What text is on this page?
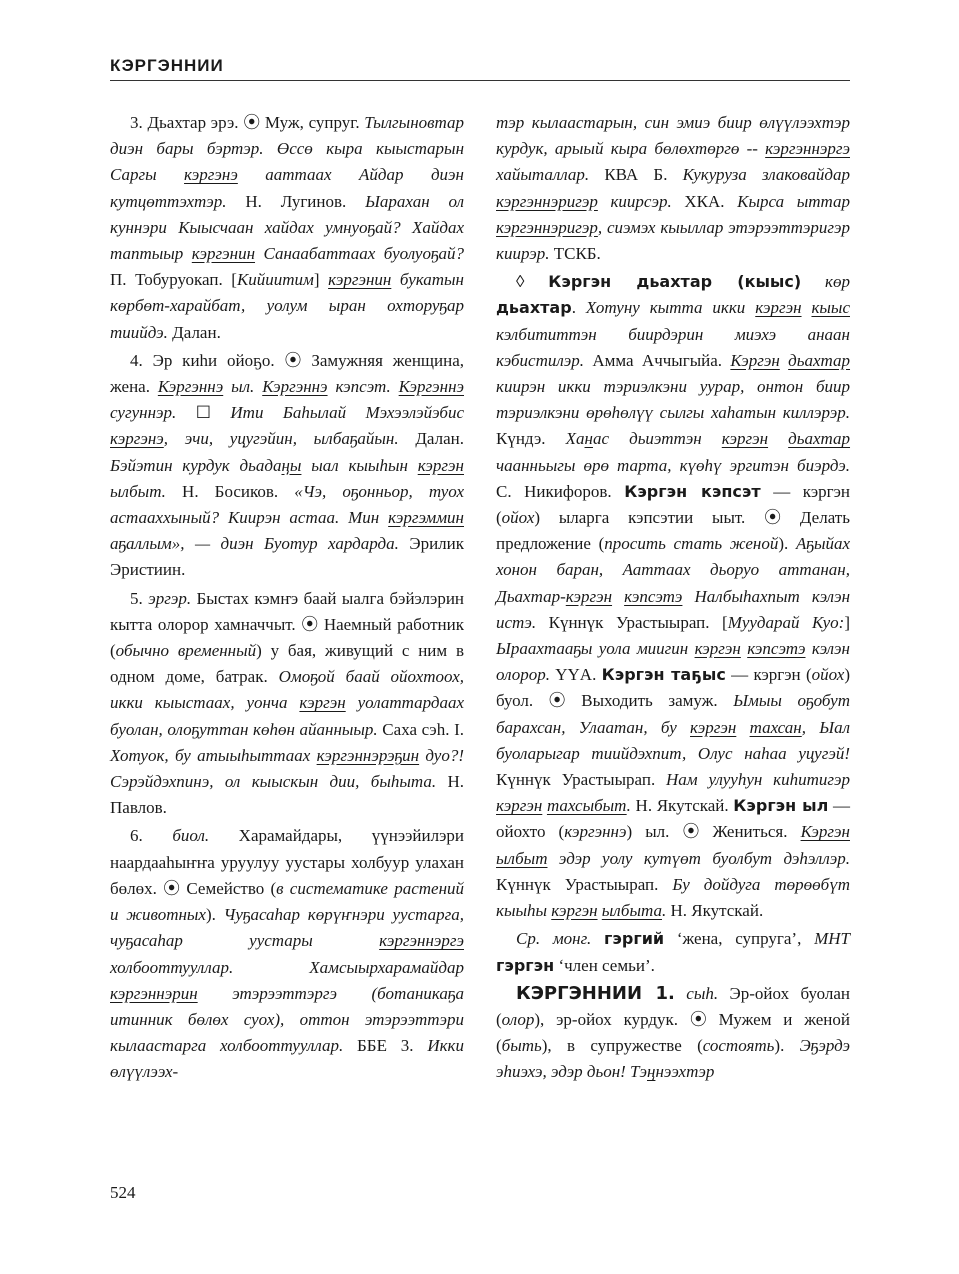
КЭРГЭННИИ

3. Дьахтар эрэ. ⦿ Муж, супруг. Тылгыновтар диэн бары бэртэр. Өссө кыра кыыстарын Саргы кэргэнэ ааттаах Айдар диэн кутцөттэхтэр. Н. Лугинов. Ыарахан ол куннэри Кыысчаан хайдах умнуоҕай? Хайдах таптыыр кэргэнин Санаабаттаах буолуоҕай? П. Тобуруокап. [Кийиитим] кэргэнин букатын көрбөт-харайбат, уолум ыран охторуҕар тиийдэ. Далан.

4. Эр киһи ойоҕо. ⦿ Замужняя женщина, жена. Кэргэннэ ыл. Кэргэннэ кэпсэт. Кэргэннэ сугуннэр. ☐ Ити Баһылай Мэхээлэйэбис кэргэнэ, эчи, уцугэйин, ылбаҕайын. Далан. Бэйэтин курдук дьадаңы ыал кыыһын кэргэн ылбыт. Н. Босиков. «Чэ, оҕонньор, туох астааххыный? Киирэн астаа. Мин кэргэммин аҕаллым», — диэн Буотур хардарда. Эрилик Эристиин.

5. эргэр. Быстах кэмҥэ баай ыалга бэйэлэрин кытта олорор хамначчыт. ⦿ Наемный работник (обычно временный) у бая, живущий с ним в одном доме, батрак. Омоҕой баай ойохтоох, икки кыыстаах, уончa кэргэн уолаттардаах буолан, олоҕуттан көһөн айанныыр. Саха сэһ. I. Хотуок, бу атыыһыттаах кэргэннэрэҕин дуо?! Сэрэйдэхпинэ, ол кыыскын дии, быһыта. Н. Павлов.

6. биол. Харамайдары, үүнээйилэри наардааһыҥҥа уруулуу уустары холбуур улахан бөлөх. ⦿ Семейство (в систематике растений и животных). Чуҕасаһар көрүҥнэри уустарга, чуҕасаһар уустары кэргэннэргэ холбооттууллар. Хамсыырхарамайдар кэргэннэрин этэрээттэргэ (ботаникаҕа итинник бөлөх суох), оттон этэрээттэри кылаастарга холбооттууллар. ББЕ 3. Икки өлүүлээх-

тэр кылаастарын, син эмиэ биир өлүүлээхтэр курдук, арыый кыра бөлөхтөргө -- кэргэннэргэ хайыталлар. КВА Б. Кукуруза злаковайдар кэргэннэригэр киирсэр. ХКА. Кырса ыттар кэргэннэригэр, сиэмэх кыыллар этэрээттэригэр киирэр. ТСКБ.

◊ Кэргэн дьахтар (кыыс) көр дьахтар. Хотуну кытта икки кэргэн кыыс кэлбититтэн биирдэрин миэхэ анаан кэбистилэр. Амма Аччыгыйа. Кэргэн дьахтар киирэн икки тэриэлкэни уурар, онтон биир тэриэлкэни өрөһөлүү сылгы хаһатын киллэрэр. Күндэ. Ханас дьиэттэн кэргэн дьахтар чаанньыгы өрө тарта, күөһү эргитэн биэрдэ. С. Никифоров. Кэргэн кэпсэт — кэргэн (ойох) ыларга кэпсэтии ыыт. ⦿ Делать предложение (просить стать женой). Аҕыйах хонон баран, Ааттаах дьоруо аттанан, Дьахтар-кэргэн кэпсэтэ Налбыһахпыт кэлэн истэ. Күннүк Урастыырап. [Муударай Куо:] Ыраахтааҕы уола миигин кэргэн кэпсэтэ кэлэн олорор. ҮҮА. Кэргэн таҕыс — кэргэн (ойох) буол. ⦿ Выходить замуж. Ымыы оҕобут барахсан, Улаатан, бу кэргэн тахсан, Ыал буоларыгар тиийдэхпит, Олус наһаа уцугэй! Күннүк Урастыырап. Нам улууһун киһитигэр кэргэн тахсыбыт. Н. Якутскай. Кэргэн ыл — ойохто (кэргэннэ) ыл. ⦿ Жениться. Кэргэн ылбыт эдэр уолу кутүөт буолбут дэһэллэр. Күннүк Урастыырап. Бу дойдуга төрөөбүт кыыһы кэргэн ылбыта. Н. Якутскай.

Ср. монг. гэргий ‘жена, супруга’, МНТ гэргэн ‘член семьи’.

КЭРГЭННИИ 1. сыһ. Эр-ойох буолан (олор), эр-ойох курдук. ⦿ Мужем и женой (быть), в супружестве (состоять). Эҕэрдэ эһиэхэ, эдэр дьон! Тэңнээхтэр

524
